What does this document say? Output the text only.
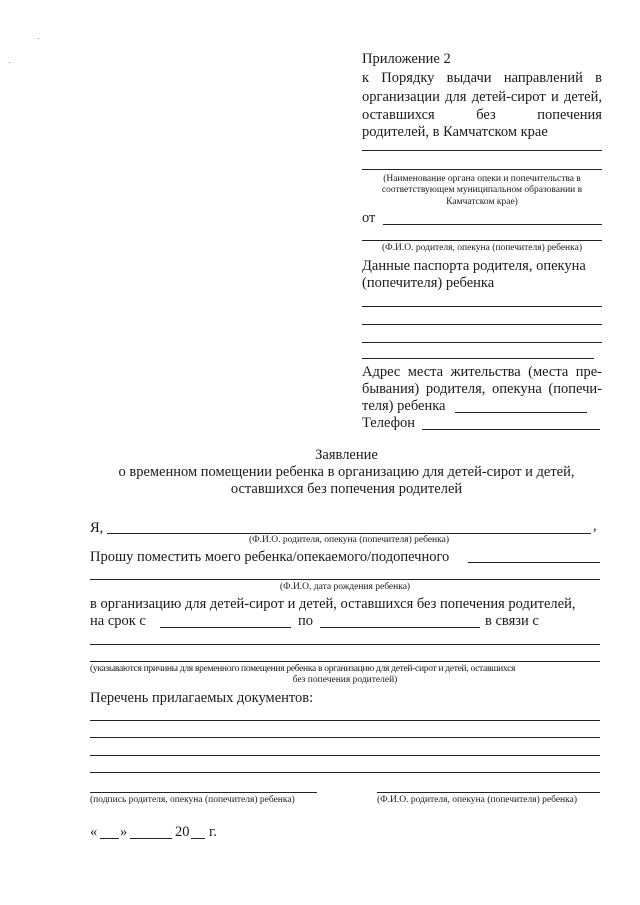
Приложение 2
к Порядку выдачи направлений в
организации для детей-сирот и детей,
оставшихся	без	попечения
родителей, в Камчатском крае
(Наименование органа опеки и попечительства в
соответствующем муниципальном образовании в
Камчатском крае)
от
(Ф.И.О. родителя, опекуна (попечителя) ребенка)
Данные паспорта родителя, опекуна
(попечителя) ребенка
Адрес места жительства (места пре-
бывания) родителя, опекуна (попечи-
теля) ребенка
Телефон
Заявление
о временном помещении ребенка в организацию для детей-сирот и детей,
оставшихся без попечения родителей
Я,	,
(Ф.И.О. родителя, опекуна (попечителя) ребенка)
Прошу поместить моего ребенка/опекаемого/подопечного
(Ф.И.О, дата рождения ребенка)
в организацию для детей-сирот и детей, оставшихся без попечения родителей,
на срок с	по	в связи с
(указываются причины для временного помещения ребенка в организацию для детей-сирот и детей, оставшихся
без попечения родителей)
Перечень прилагаемых документов:
(подпись родителя, опекуна (попечителя) ребенка)	(Ф.И.О. родителя, опекуна (попечителя) ребенка)
« »	20 г.
